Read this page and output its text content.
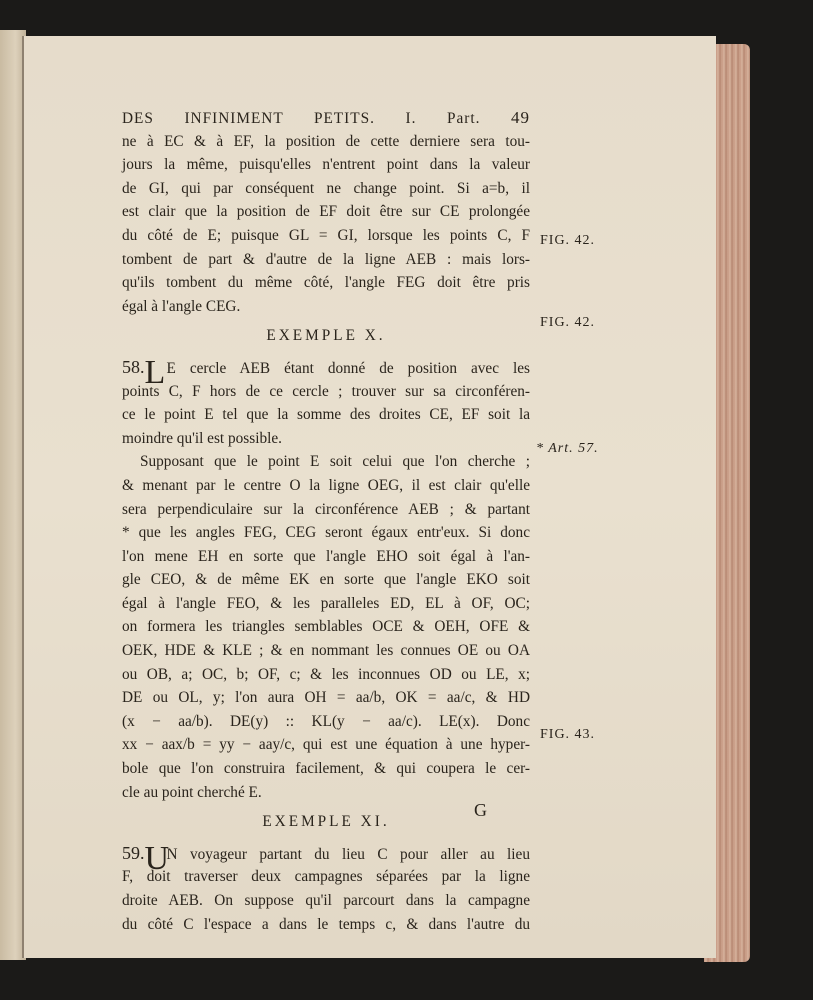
DES INFINIMENT PETITS. I. Part. 49
ne à EC & à EF, la position de cette derniere sera tou-
jours la même, puisqu'elles n'entrent point dans la valeur
de GI, qui par conséquent ne change point. Si a=b, il
est clair que la position de EF doit être sur CE prolongée
du côté de E; puisque GL = GI, lorsque les points C, F
tombent de part & d'autre de la ligne AEB : mais lors-
qu'ils tombent du même côté, l'angle FEG doit être pris
égal à l'angle CEG.
EXEMPLE X.
58.LE cercle AEB étant donné de position avec les
points C, F hors de ce cercle ; trouver sur sa circonféren-
ce le point E tel que la somme des droites CE, EF soit la
moindre qu'il est possible.
Supposant que le point E soit celui que l'on cherche ;
& menant par le centre O la ligne OEG, il est clair qu'elle
sera perpendiculaire sur la circonférence AEB ; & partant
* que les angles FEG, CEG seront égaux entr'eux. Si donc
l'on mene EH en sorte que l'angle EHO soit égal à l'an-
gle CEO, & de même EK en sorte que l'angle EKO soit
égal à l'angle FEO, & les paralleles ED, EL à OF, OC;
on formera les triangles semblables OCE & OEH, OFE &
OEK, HDE & KLE ; & en nommant les connues OE ou OA
ou OB, a; OC, b; OF, c; & les inconnues OD ou LE, x;
DE ou OL, y; l'on aura OH = aa/b, OK = aa/c, & HD
(x − aa/b). DE(y) :: KL(y − aa/c). LE(x). Donc
xx − aax/b = yy − aay/c, qui est une équation à une hyper-
bole que l'on construira facilement, & qui coupera le cer-
cle au point cherché E.
EXEMPLE XI.
59.UN voyageur partant du lieu C pour aller au lieu
F, doit traverser deux campagnes séparées par la ligne
droite AEB. On suppose qu'il parcourt dans la campagne
du côté C l'espace a dans le temps c, & dans l'autre du
FIG. 42.
FIG. 42.
* Art. 57.
FIG. 43.
G
